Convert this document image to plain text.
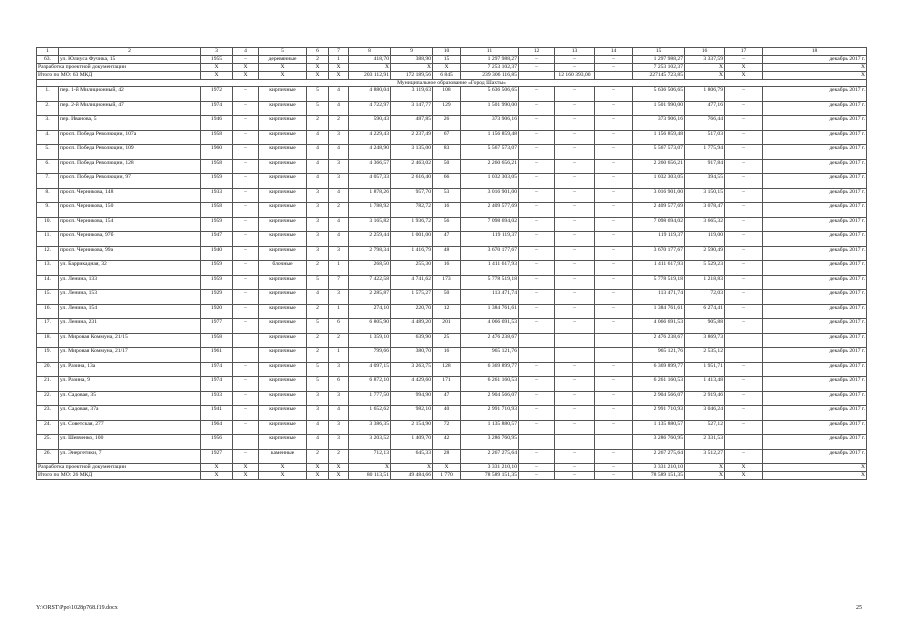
1	2	3	4	5	6	7	8	9	10	11	12	13	14	15	16	17	18
63.	ул. Юлиуса Фучика, 15	1955	–	деревянные	2	1	418,70	388,90	15	1 297 988,27	–	–	–	1 297 988,27	3 337,59	–	декабрь 2017 г.
Разработка проектной документации		Х	Х	Х	Х	Х	Х	Х	Х	7 253 102,37	–	–	–	7 253 102,37	Х	Х	Х
Итого по МО: 63 МКД		Х	Х	Х	Х	Х	203 112,91	172 189,56	6 845	239 306 116,85		12 160 393,00		227145 723,85	Х	Х	Х
Муниципальное образование «Город Шахты»																	
1.	пер. 1-й Милиционный, 42	1972	–	кирпичные	5	4	4 880,04	3 119,63	108	5 636 506,65	–	–	–	5 636 506,65	1 806,79	–	декабрь 2017 г.
2.	пер. 2-й Милиционный, 47	1974	–	кирпичные	5	4	4 722,97	3 147,77	129	1 501 990,00	–	–	–	1 501 990,00	477,16	–	декабрь 2017 г.
3.	пер. Иванова, 5	1946	–	кирпичные	2	2	590,43	487,85	26	373 906,16	–	–	–	373 906,16	766,44	–	декабрь 2017 г.
4.	просп. Победа Революции, 107а	1958	–	кирпичные	4	3	4 229,43	2 237,49	67	1 156 859,48	–	–	–	1 156 859,48	517,03	–	декабрь 2017 г.
5.	просп. Победа Революции, 109	1960	–	кирпичные	4	4	4 248,90	3 135,00	83	5 567 573,07	–	–	–	5 567 573,07	1 775,94	–	декабрь 2017 г.
6.	просп. Победа Революции, 128	1958	–	кирпичные	4	3	4 366,57	2 463,02	50	2 260 656,21	–	–	–	2 260 656,21	917,84	–	декабрь 2017 г.
7.	просп. Победа Революции, 97	1959	–	кирпичные	4	3	4 057,33	2 616,40	66	1 032 303,05	–	–	–	1 032 303,05	394,55	–	декабрь 2017 г.
8.	просп. Черникова, 148	1933	–	кирпичные	3	4	1 878,26	957,70	53	3 016 901,00	–	–	–	3 016 901,00	3 150,15	–	декабрь 2017 г.
9.	просп. Черникова, 150	1958	–	кирпичные	3	2	1 788,92	782,72	16	2 409 577,69	–	–	–	2 409 577,69	3 078,47	–	декабрь 2017 г.
10.	просп. Черникова, 154	1959	–	кирпичные	3	4	3 165,82	1 936,72	56	7 098 694,02	–	–	–	7 098 694,02	3 665,32	–	декабрь 2017 г.
11.	просп. Черникова, 97б	1947	–	кирпичные	3	4	2 259,44	1 001,00	47	119 119,37	–	–	–	119 119,37	119,00	–	декабрь 2017 г.
12.	просп. Черникова, 99а	1940	–	кирпичные	3	3	2 798,34	1 416,79	48	3 670 177,67	–	–	–	3 670 177,67	2 590,49	–	декабрь 2017 г.
13.	ул. Баррикадная, 32	1959	–	блочные	2	1	268,50	255,30	16	1 411 617,93	–	–	–	1 411 617,93	5 529,23	–	декабрь 2017 г.
14.	ул. Ленина, 133	1959	–	кирпичные	5	7	7 422,58	4 741,62	173	5 778 519,18	–	–	–	5 778 519,18	1 218,83	–	декабрь 2017 г.
15.	ул. Ленина, 153	1929	–	кирпичные	4	3	2 285,87	1 575,27	50	113 471,74	–	–	–	113 471,74	72,03	–	декабрь 2017 г.
16.	ул. Ленина, 154	1920	–	кирпичные	2	1	274,10	220,70	12	1 384 761,61	–	–	–	1 384 761,61	6 274,41	–	декабрь 2017 г.
17.	ул. Ленина, 231	1977	–	кирпичные	5	6	6 805,90	4 489,20	201	4 066 691,53	–	–	–	4 066 691,53	905,88	–	декабрь 2017 г.
18.	ул. Мировая Коммуна, 21/15	1958		кирпичные	2	2	1 359,10	639,90	25	2 476 238,67				2 476 238,67	3 869,73		декабрь 2017 г.
19.	ул. Мировая Коммуна, 21/17	1961		кирпичные	2	1	799,66	380,70	16	965 121,76				965 121,76	2 535,12		декабрь 2017 г.
20.	ул. Разина, 13а	1974	–	кирпичные	5	3	4 097,15	3 263,75	128	6 369 899,77	–	–	–	6 369 899,77	1 951,71	–	декабрь 2017 г.
21.	ул. Разина, 9	1974	–	кирпичные	5	6	6 872,10	4 429,60	171	6 261 160,53	–	–	–	6 261 160,53	1 413,48	–	декабрь 2017 г.
22.	ул. Садовая, 35	1933	–	кирпичные	3	3	1 777,50	994,90	47	2 904 566,07	–	–	–	2 904 566,07	2 919,46	–	декабрь 2017 г.
23.	ул. Садовая, 37а	1941	–	кирпичные	3	4	1 652,62	982,10	40	2 991 710,93	–	–	–	2 991 710,93	3 046,24	–	декабрь 2017 г.
24.	ул. Советская, 277	1964	–	кирпичные	4	3	3 386,35	2 154,90	72	1 135 880,57	–	–	–	1 135 880,57	527,12	–	декабрь 2017 г.
25.	ул. Шевченко, 100	1956		кирпичные	4	3	3 203,52	1 409,70	42	3 286 760,95				3 286 760,95	2 331,53		декабрь 2017 г.
26.	ул. Энергетики, 7	1927	–	каменные	2	2	712,13	645,33	28	2 267 275,64	–	–	–	2 267 275,64	3 512,27	–	декабрь 2017 г.
Разработка проектной документации		Х	Х	Х	Х	Х	Х	Х	Х	3 331 210,10	–	–	–	3 331 210,10	Х	Х	Х
Итого по МО: 26 МКД		Х	Х	Х	Х	Х	80 113,51	49 484,66	1 770	78 589 151,35	–	–	–	78 589 151,35	Х	Х	Х
Y:\ORST\Ppo\1028p768.f19.docx	25
